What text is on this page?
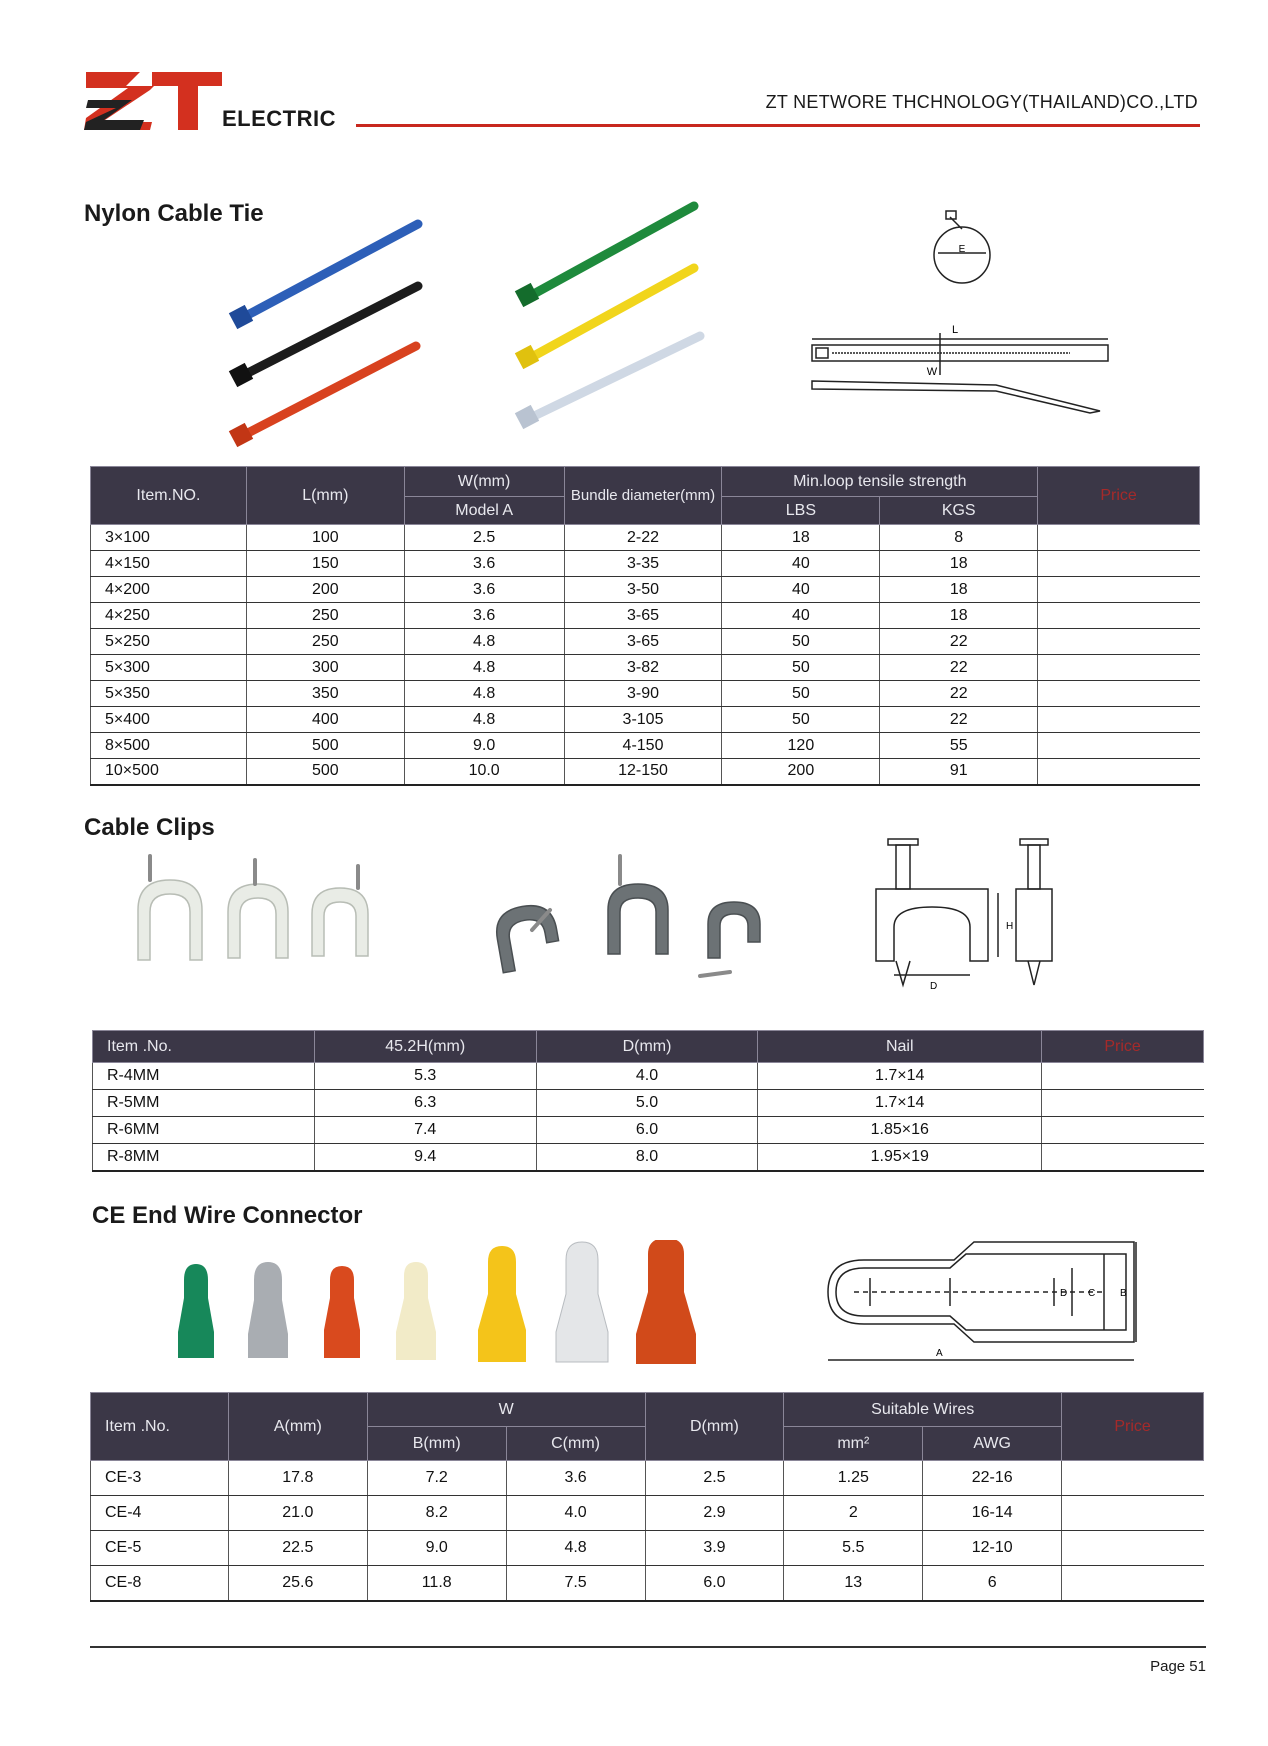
ELECTRIC
ZT NETWORE THCHNOLOGY(THAILAND)CO.,LTD
Nylon Cable Tie
E
L
W
Item.NO.	L(mm)	W(mm)	Bundle diameter(mm)	Min.loop tensile strength		Price
		Model A		LBS	KGS	
3×100	100	2.5	2-22	18	8	
4×150	150	3.6	3-35	40	18	
4×200	200	3.6	3-50	40	18	
4×250	250	3.6	3-65	40	18	
5×250	250	4.8	3-65	50	22	
5×300	300	4.8	3-82	50	22	
5×350	350	4.8	3-90	50	22	
5×400	400	4.8	3-105	50	22	
8×500	500	9.0	4-150	120	55	
10×500	500	10.0	12-150	200	91	
Cable Clips
H
D
Item .No.	45.2H(mm)	D(mm)	Nail	Price
R-4MM	5.3	4.0	1.7×14	
R-5MM	6.3	5.0	1.7×14	
R-6MM	7.4	6.0	1.85×16	
R-8MM	9.4	8.0	1.95×19	
CE End Wire Connector
A
B
C
D
Item .No.	A(mm)	W		D(mm)	Suitable Wires		Price
		B(mm)	C(mm)		mm²	AWG	
CE-3	17.8	7.2	3.6	2.5	1.25	22-16	
CE-4	21.0	8.2	4.0	2.9	2	16-14	
CE-5	22.5	9.0	4.8	3.9	5.5	12-10	
CE-8	25.6	11.8	7.5	6.0	13	6	
Page 51
